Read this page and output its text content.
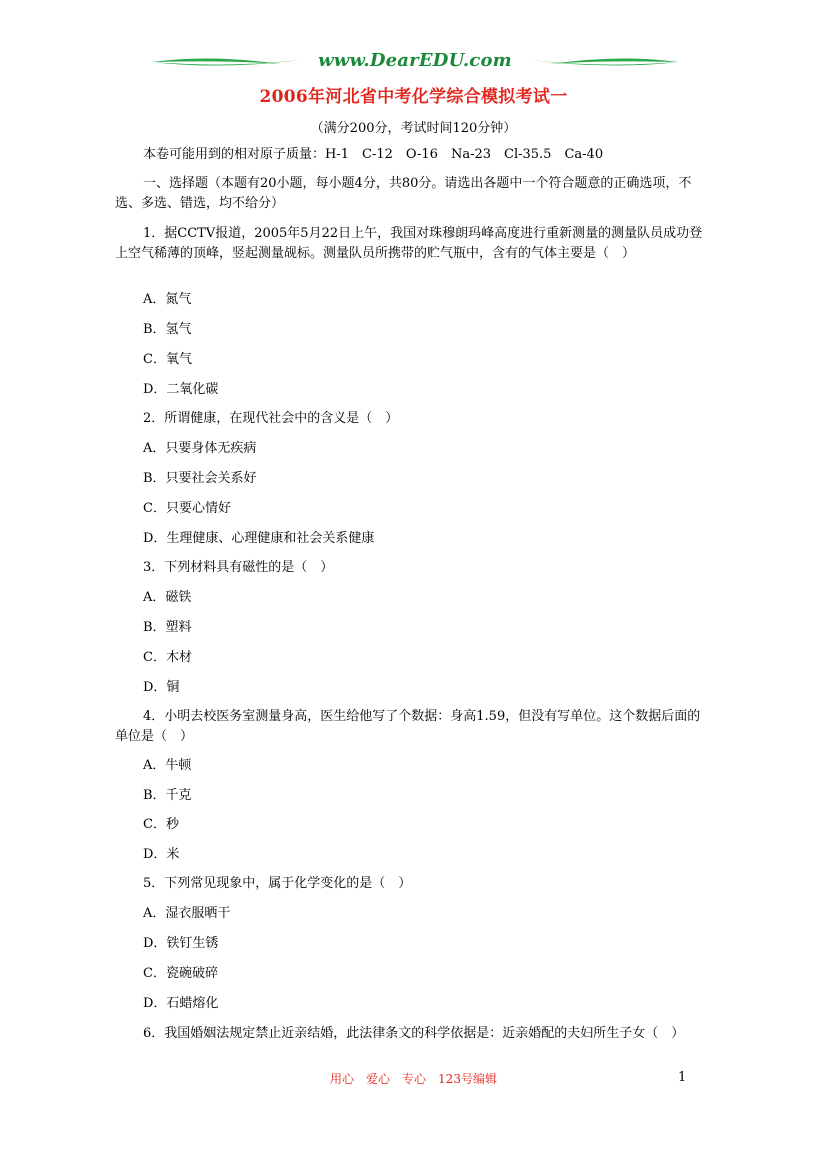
www.DearEDU.com
2006年河北省中考化学综合模拟考试一
（满分200分，考试时间120分钟）
本卷可能用到的相对原子质量：H-1　C-12　O-16　Na-23　Cl-35.5　Ca-40
一、选择题（本题有20小题，每小题4分，共80分。请选出各题中一个符合题意的正确选项，不选、多选、错选，均不给分）
1．据CCTV报道，2005年5月22日上午，我国对珠穆朗玛峰高度进行重新测量的测量队员成功登上空气稀薄的顶峰，竖起测量觇标。测量队员所携带的贮气瓶中，含有的气体主要是（　）
A．氮气
B．氢气
C．氧气
D．二氧化碳
2．所谓健康，在现代社会中的含义是（　）
A．只要身体无疾病
B．只要社会关系好
C．只要心情好
D．生理健康、心理健康和社会关系健康
3．下列材料具有磁性的是（　）
A．磁铁
B．塑料
C．木材
D．铜
4．小明去校医务室测量身高，医生给他写了个数据：身高1.59，但没有写单位。这个数据后面的单位是（　）
A．牛顿
B．千克
C．秒
D．米
5．下列常见现象中，属于化学变化的是（　）
A．湿衣服晒干
D．铁钉生锈
C．瓷碗破碎
D．石蜡熔化
6．我国婚姻法规定禁止近亲结婚，此法律条文的科学依据是：近亲婚配的夫妇所生子女（　）
用心　爱心　专心　123号编辑	1
